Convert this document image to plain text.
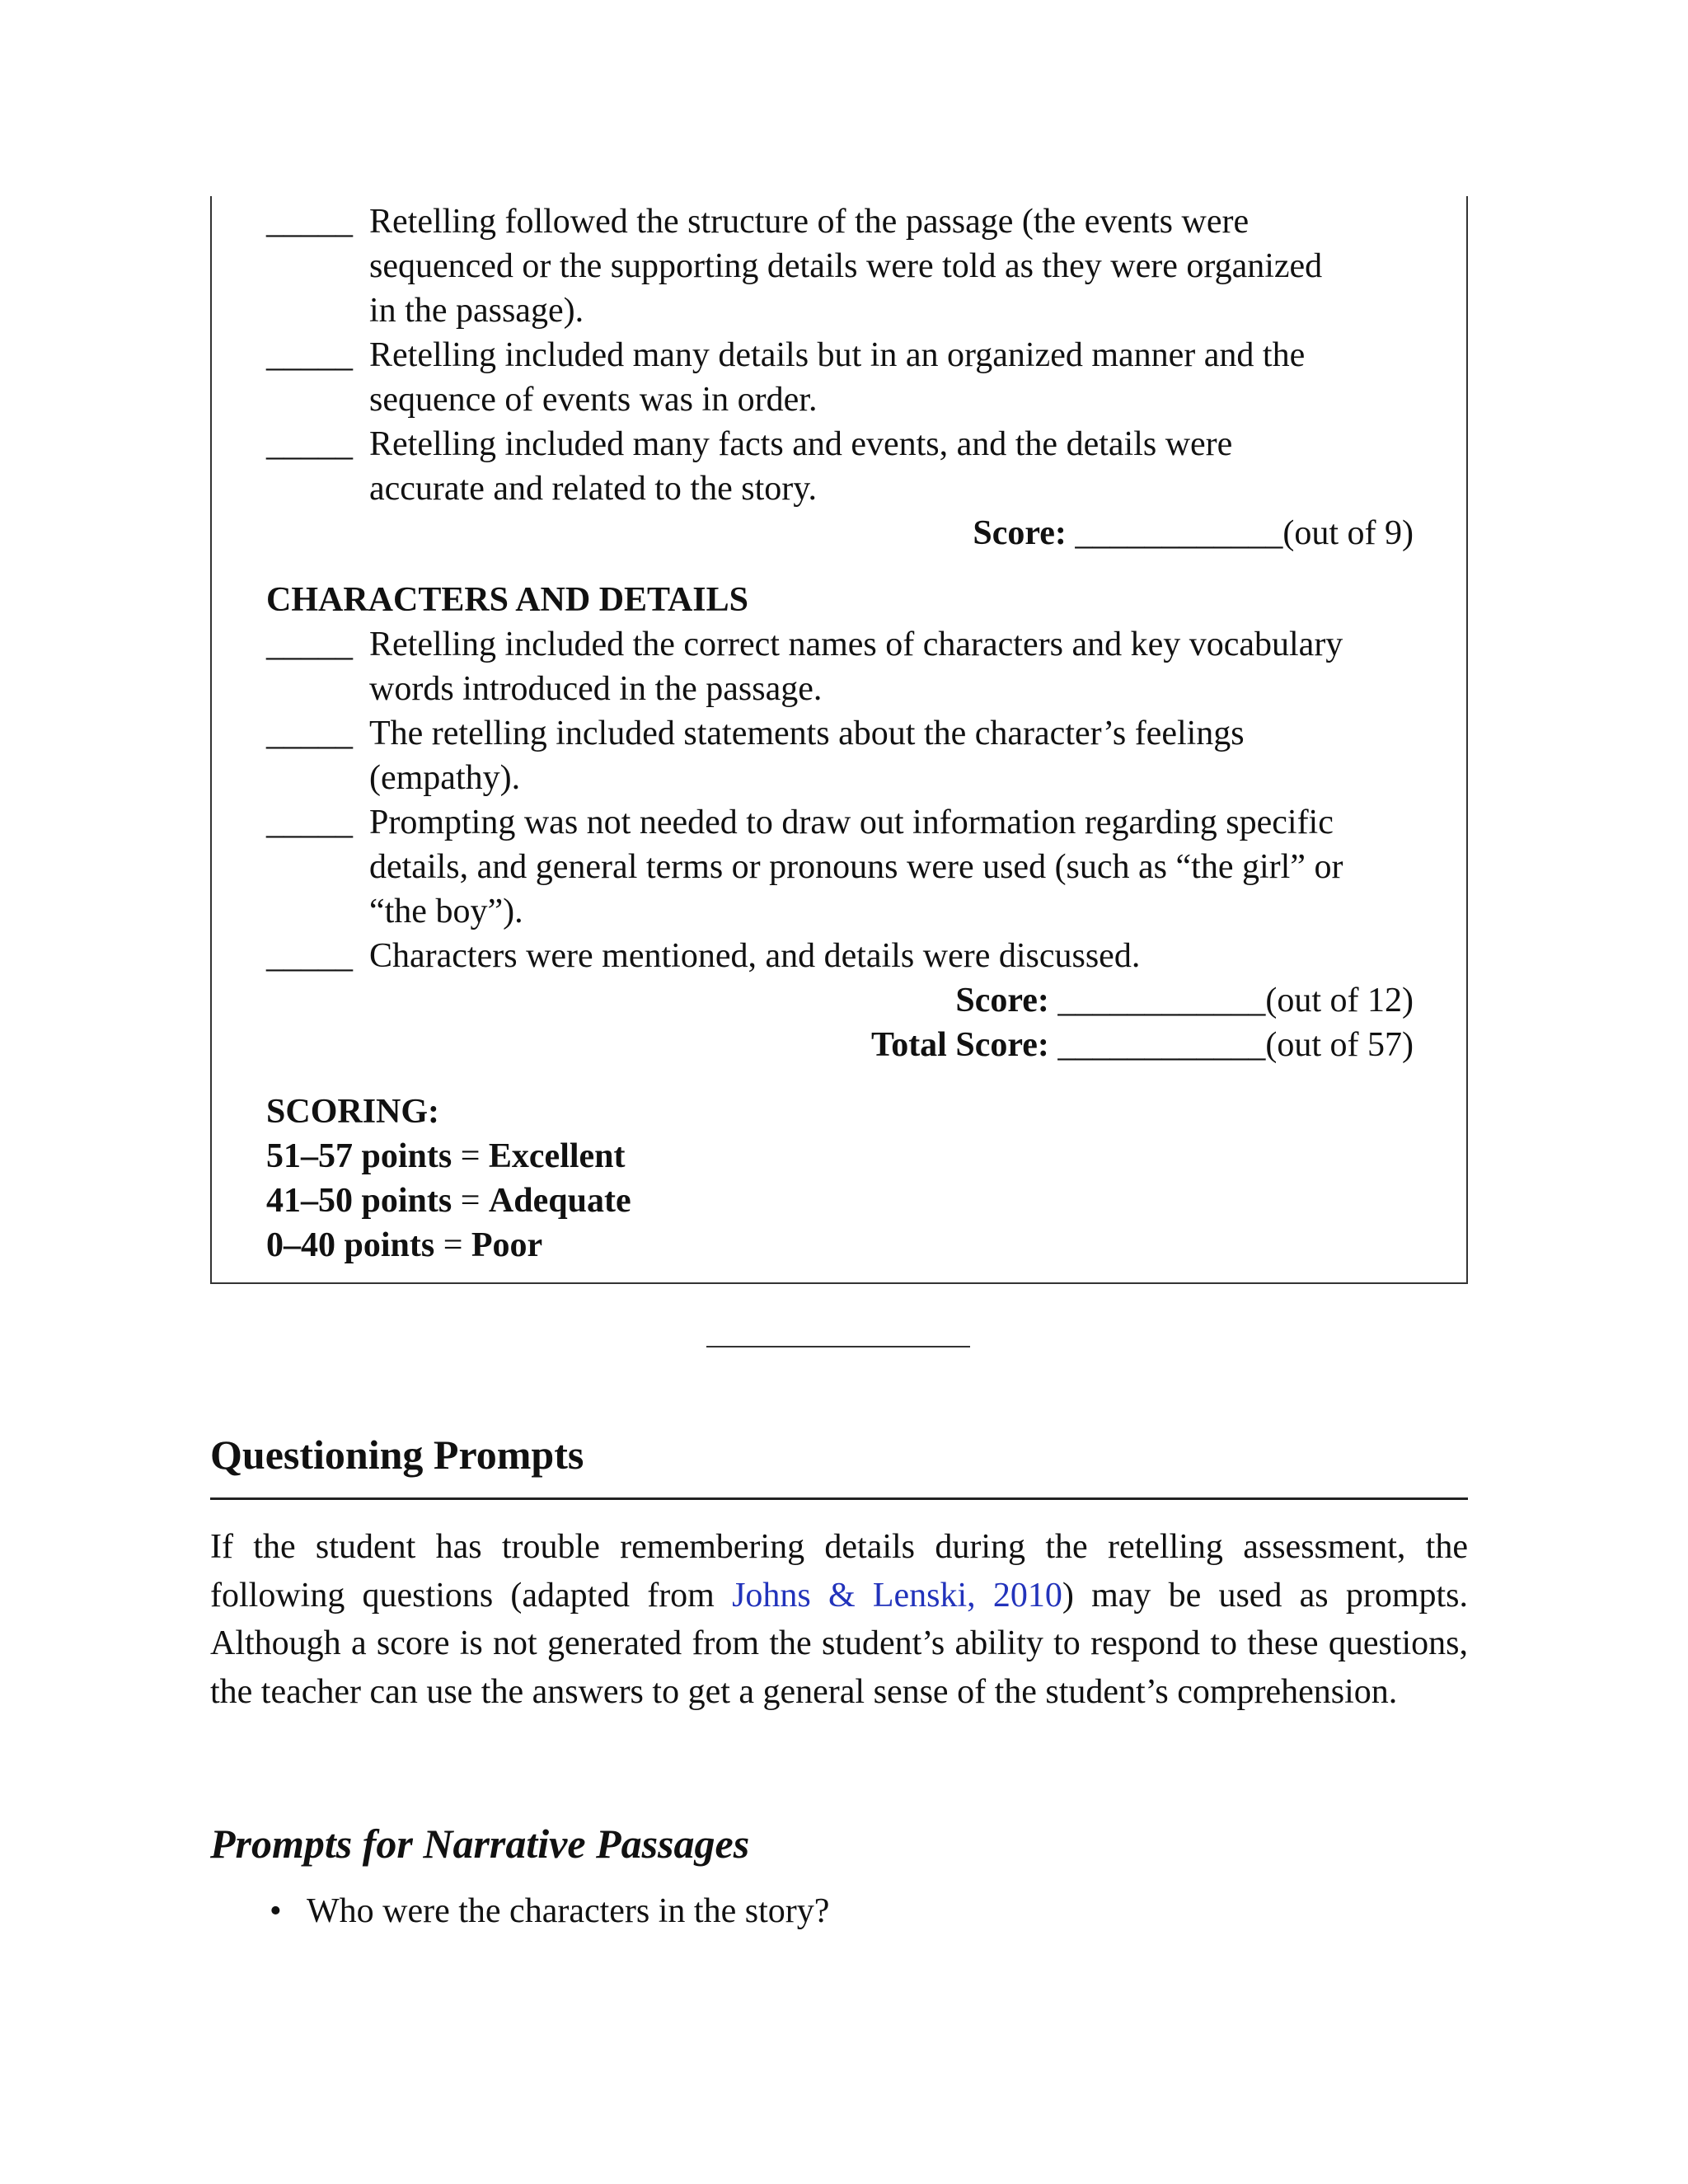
_____ Retelling followed the structure of the passage (the events were
sequenced or the supporting details were told as they were organized
in the passage).
_____ Retelling included many details but in an organized manner and the
sequence of events was in order.
_____ Retelling included many facts and events, and the details were
accurate and related to the story.
Score: ____________(out of 9)
CHARACTERS AND DETAILS
_____ Retelling included the correct names of characters and key vocabulary
words introduced in the passage.
_____ The retelling included statements about the character’s feelings
(empathy).
_____ Prompting was not needed to draw out information regarding specific
details, and general terms or pronouns were used (such as “the girl” or
“the boy”).
_____ Characters were mentioned, and details were discussed.
Score: ____________(out of 12)
Total Score: ____________(out of 57)
SCORING:
51–57 points = Excellent
41–50 points = Adequate
0–40 points = Poor
Questioning Prompts
If the student has trouble remembering details during the retelling assessment, the following questions (adapted from Johns & Lenski, 2010) may be used as prompts. Although a score is not generated from the student’s ability to respond to these questions, the teacher can use the answers to get a general sense of the student’s comprehension.
Prompts for Narrative Passages
• Who were the characters in the story?
